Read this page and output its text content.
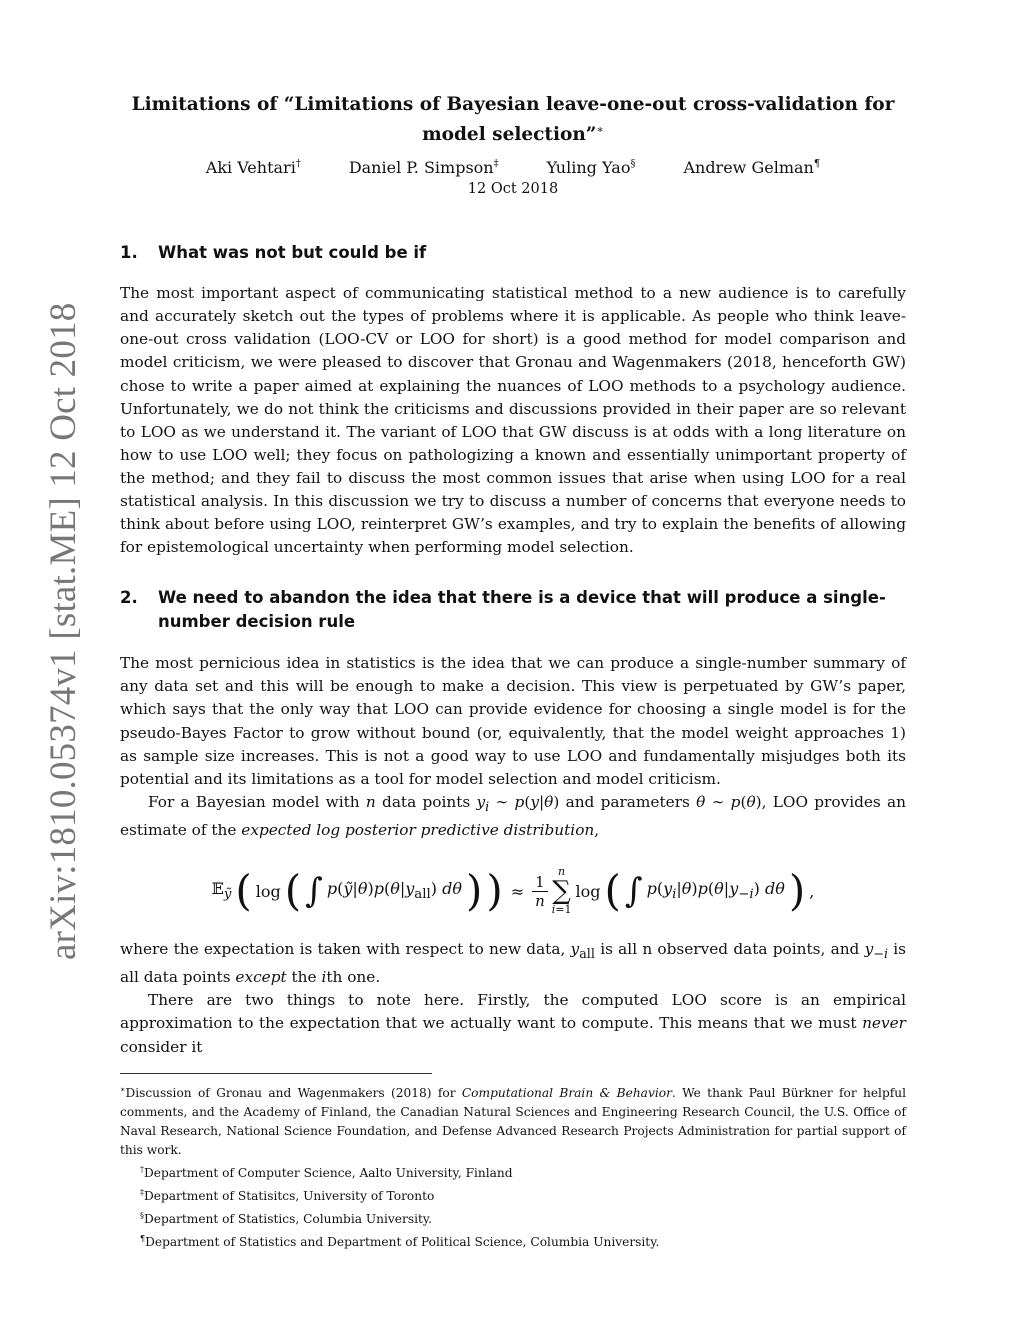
arXiv:1810.05374v1 [stat.ME] 12 Oct 2018
Limitations of “Limitations of Bayesian leave-one-out cross-validation for model selection”∗
Aki Vehtari†	Daniel P. Simpson‡	Yuling Yao§	Andrew Gelman¶
12 Oct 2018
1.	What was not but could be if

The most important aspect of communicating statistical method to a new audience is to carefully and accurately sketch out the types of problems where it is applicable. As people who think leave-one-out cross validation (LOO-CV or LOO for short) is a good method for model comparison and model criticism, we were pleased to discover that Gronau and Wagenmakers (2018, henceforth GW) chose to write a paper aimed at explaining the nuances of LOO methods to a psychology audience. Unfortunately, we do not think the criticisms and discussions provided in their paper are so relevant to LOO as we understand it. The variant of LOO that GW discuss is at odds with a long literature on how to use LOO well; they focus on pathologizing a known and essentially unimportant property of the method; and they fail to discuss the most common issues that arise when using LOO for a real statistical analysis. In this discussion we try to discuss a number of concerns that everyone needs to think about before using LOO, reinterpret GW’s examples, and try to explain the benefits of allowing for epistemological uncertainty when performing model selection.

2.	We need to abandon the idea that there is a device that will produce a single-number decision rule

The most pernicious idea in statistics is the idea that we can produce a single-number summary of any data set and this will be enough to make a decision. This view is perpetuated by GW’s paper, which says that the only way that LOO can provide evidence for choosing a single model is for the pseudo-Bayes Factor to grow without bound (or, equivalently, that the model weight approaches 1) as sample size increases. This is not a good way to use LOO and fundamentally misjudges both its potential and its limitations as a tool for model selection and model criticism.

For a Bayesian model with n data points $y_i$ ∼ p(y|θ) and parameters θ ∼ p(θ), LOO provides an estimate of the expected log posterior predictive distribution,

𝔼$_ỹ$ ( log ( ∫ $p(ỹ|\theta)p(\theta|y_{all})$ dθ ) ) ≈ $\frac{1}{n}$
n
∑
i=1
log ( ∫ $p(y_i|\theta)p(\theta|y_{-i})$ dθ ) ,

where the expectation is taken with respect to new data, $y_{all}$ is all n observed data points, and $y_{-i}$ is all data points except the ith one.

There are two things to note here. Firstly, the computed LOO score is an empirical approximation to the expectation that we actually want to compute. This means that we must never consider it

∗Discussion of Gronau and Wagenmakers (2018) for Computational Brain & Behavior. We thank Paul Bürkner for helpful comments, and the Academy of Finland, the Canadian Natural Sciences and Engineering Research Council, the U.S. Office of Naval Research, National Science Foundation, and Defense Advanced Research Projects Administration for partial support of this work.

†Department of Computer Science, Aalto University, Finland

‡Department of Statisitcs, University of Toronto

§Department of Statistics, Columbia University.

¶Department of Statistics and Department of Political Science, Columbia University.
